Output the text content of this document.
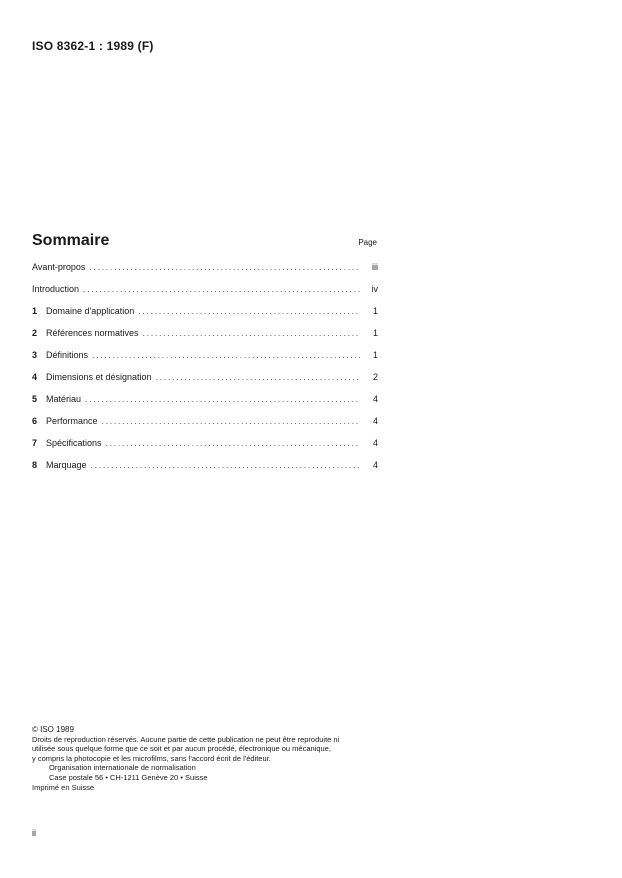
ISO 8362-1 : 1989 (F)
Sommaire	Page
Avant-propos .....	iii
Introduction .....	iv
1 Domaine d'application .....	1
2 Références normatives .....	1
3 Définitions .....	1
4 Dimensions et désignation .....	2
5 Matériau .....	4
6 Performance .....	4
7 Spécifications .....	4
8 Marquage .....	4
© ISO 1989
Droits de reproduction réservés. Aucune partie de cette publication ne peut être reproduite ni
utilisée sous quelque forme que ce soit et par aucun procédé, électronique ou mécanique,
y compris la photocopie et les microfilms, sans l'accord écrit de l'éditeur.
Organisation internationale de normalisation
Case postale 56 • CH-1211 Genève 20 • Suisse
Imprimé en Suisse
ii
